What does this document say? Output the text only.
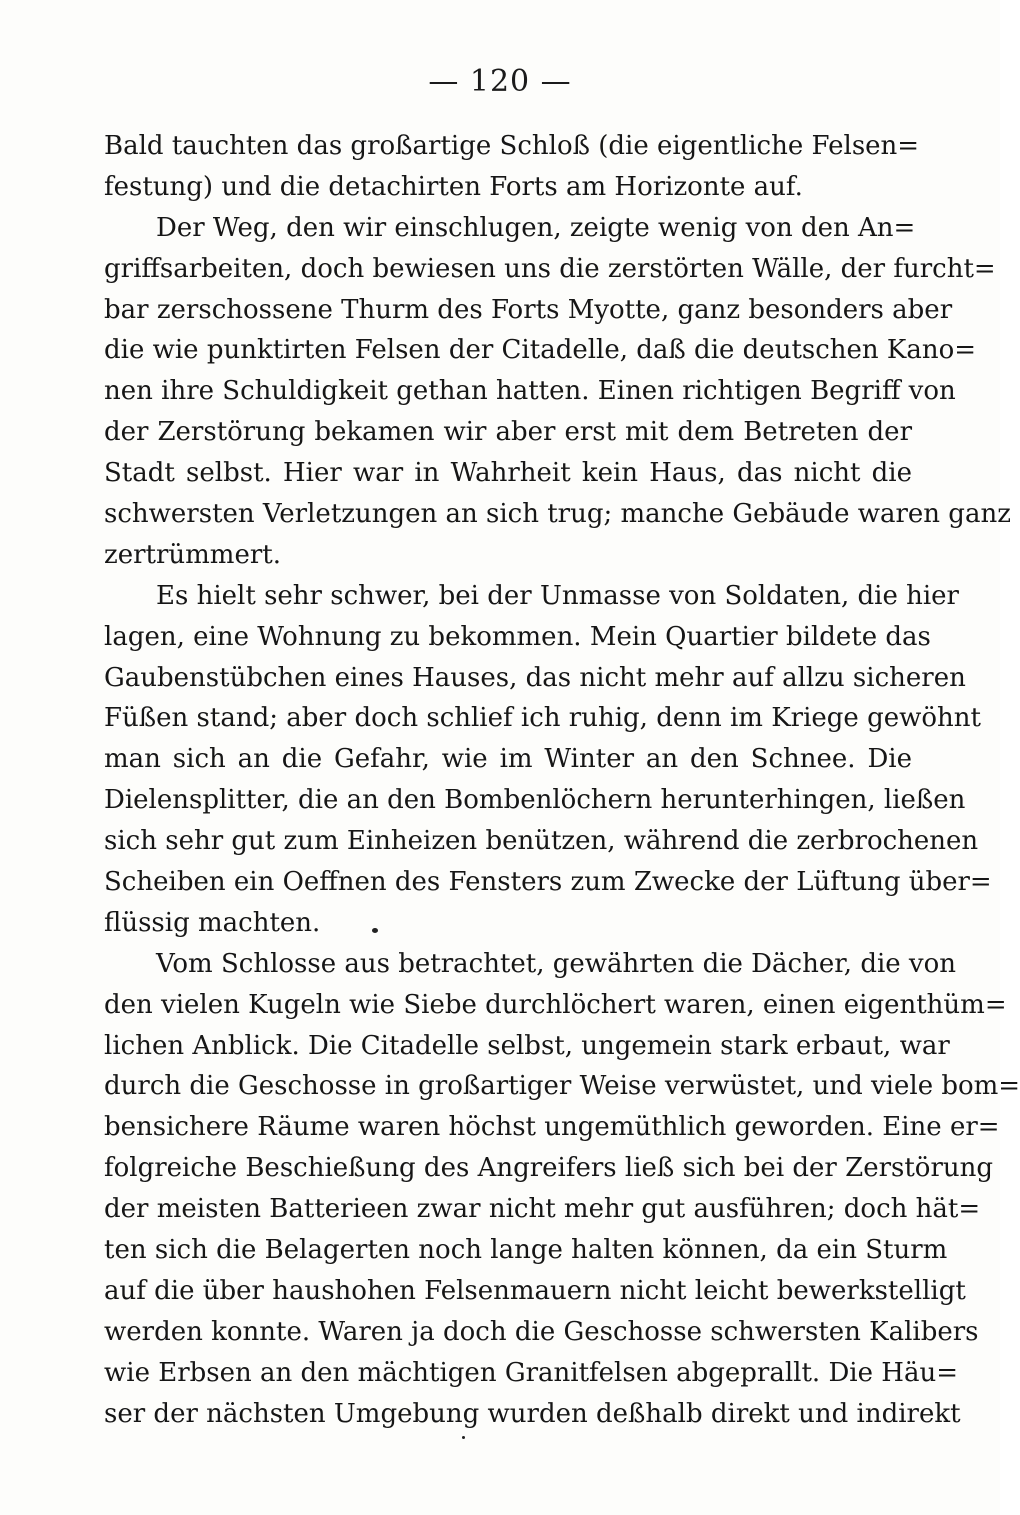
— 120 —
Bald tauchten das großartige Schloß (die eigentliche Felsen=
festung) und die detachirten Forts am Horizonte auf.
Der Weg, den wir einschlugen, zeigte wenig von den An=
griffsarbeiten, doch bewiesen uns die zerstörten Wälle, der furcht=
bar zerschossene Thurm des Forts Myotte, ganz besonders aber
die wie punktirten Felsen der Citadelle, daß die deutschen Kano=
nen ihre Schuldigkeit gethan hatten. Einen richtigen Begriff von
der Zerstörung bekamen wir aber erst mit dem Betreten der
Stadt selbst. Hier war in Wahrheit kein Haus, das nicht die
schwersten Verletzungen an sich trug; manche Gebäude waren ganz
zertrümmert.
Es hielt sehr schwer, bei der Unmasse von Soldaten, die hier
lagen, eine Wohnung zu bekommen. Mein Quartier bildete das
Gaubenstübchen eines Hauses, das nicht mehr auf allzu sicheren
Füßen stand; aber doch schlief ich ruhig, denn im Kriege gewöhnt
man sich an die Gefahr, wie im Winter an den Schnee. Die
Dielensplitter, die an den Bombenlöchern herunterhingen, ließen
sich sehr gut zum Einheizen benützen, während die zerbrochenen
Scheiben ein Oeffnen des Fensters zum Zwecke der Lüftung über=
flüssig machten.
Vom Schlosse aus betrachtet, gewährten die Dächer, die von
den vielen Kugeln wie Siebe durchlöchert waren, einen eigenthüm=
lichen Anblick. Die Citadelle selbst, ungemein stark erbaut, war
durch die Geschosse in großartiger Weise verwüstet, und viele bom=
bensichere Räume waren höchst ungemüthlich geworden. Eine er=
folgreiche Beschießung des Angreifers ließ sich bei der Zerstörung
der meisten Batterieen zwar nicht mehr gut ausführen; doch hät=
ten sich die Belagerten noch lange halten können, da ein Sturm
auf die über haushohen Felsenmauern nicht leicht bewerkstelligt
werden konnte. Waren ja doch die Geschosse schwersten Kalibers
wie Erbsen an den mächtigen Granitfelsen abgeprallt. Die Häu=
ser der nächsten Umgebung wurden deßhalb direkt und indirekt
